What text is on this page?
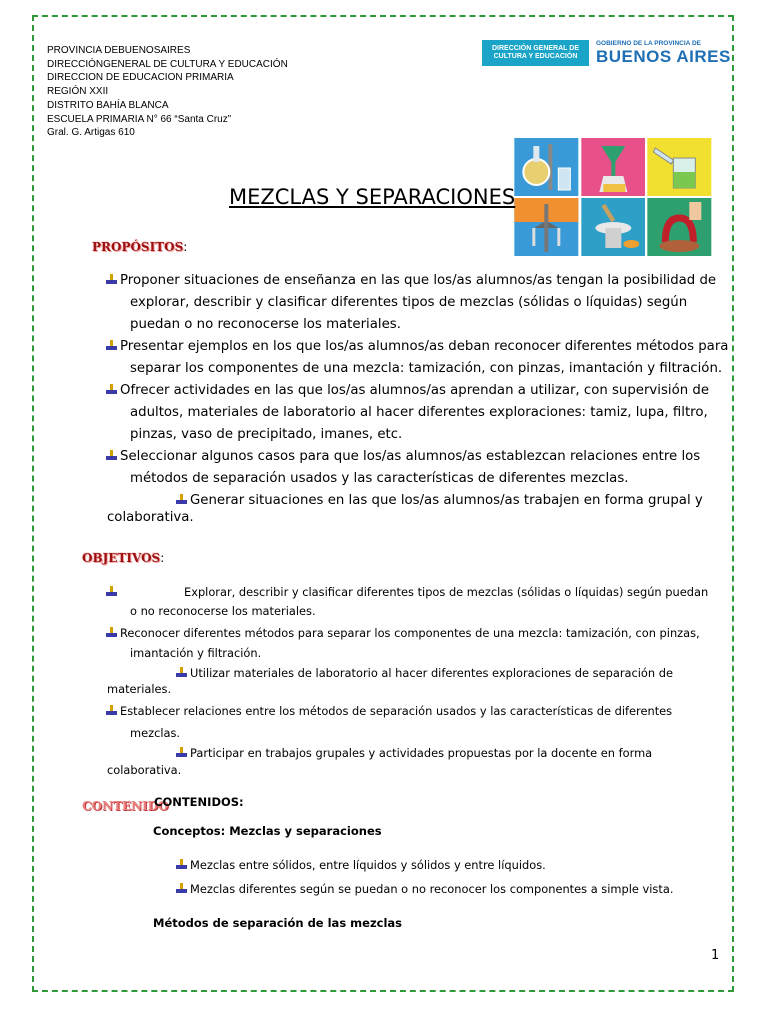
PROVINCIA DEBUENOSAIRES
DIRECCIÓNGENERAL DE CULTURA Y EDUCACIÓN
DIRECCION DE EDUCACION PRIMARIA
REGIÓN XXII
DISTRITO BAHÍA BLANCA
ESCUELA PRIMARIA N° 66 “Santa Cruz”
Gral. G. Artigas 610
DIRECCIÓN GENERAL DE CULTURA Y EDUCACIÓN
GOBIERNO DE LA PROVINCIA DE
BUENOS AIRES
MEZCLAS Y SEPARACIONES
PROPÓSITOS:
Proponer situaciones de enseñanza en las que los/as alumnos/as tengan la posibilidad de
explorar, describir y clasificar diferentes tipos de mezclas (sólidas o líquidas) según
puedan o no reconocerse los materiales.
Presentar ejemplos en los que los/as alumnos/as deban reconocer diferentes métodos para
separar los componentes de una mezcla: tamización, con pinzas, imantación y filtración.
Ofrecer actividades en las que los/as alumnos/as aprendan a utilizar, con supervisión de
adultos, materiales de laboratorio al hacer diferentes exploraciones: tamiz, lupa, filtro,
pinzas, vaso de precipitado, imanes, etc.
Seleccionar algunos casos para que los/as alumnos/as establezcan relaciones entre los
métodos de separación usados y las características de diferentes mezclas.
Generar situaciones en las que los/as alumnos/as trabajen en forma grupal y
colaborativa.
OBJETIVOS:
Explorar, describir y clasificar diferentes tipos de mezclas (sólidas o líquidas) según puedan
o no reconocerse los materiales.
Reconocer diferentes métodos para separar los componentes de una mezcla: tamización, con pinzas,
imantación y filtración.
Utilizar materiales de laboratorio al hacer diferentes exploraciones de separación de
materiales.
Establecer relaciones entre los métodos de separación usados y las características de diferentes
mezclas.
Participar en trabajos grupales y actividades propuestas por la docente en forma
colaborativa.
CONTENIDO
CONTENIDOS:
Conceptos: Mezclas y separaciones
Mezclas entre sólidos, entre líquidos y sólidos y entre líquidos.
Mezclas diferentes según se puedan o no reconocer los componentes a simple vista.
Métodos de separación de las mezclas
1
